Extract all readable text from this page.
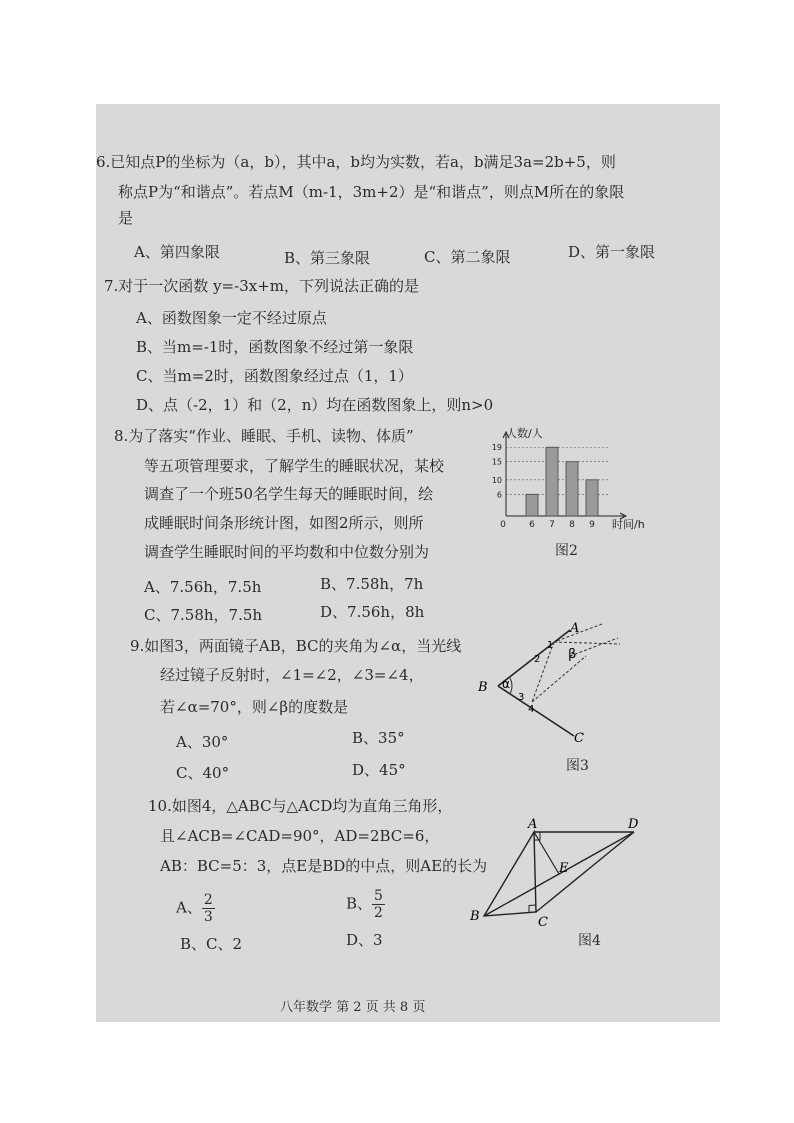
6.已知点P的坐标为（a，b），其中a，b均为实数，若a，b满足3a=2b+5，则
称点P为“和谐点”。若点M（m-1，3m+2）是“和谐点”，则点M所在的象限
是
A、第四象限	B、第三象限	C、第二象限	D、第一象限
7.对于一次函数 y=-3x+m，下列说法正确的是
A、函数图象一定不经过原点
B、当m=-1时，函数图象不经过第一象限
C、当m=2时，函数图象经过点（1，1）
D、点（-2，1）和（2，n）均在函数图象上，则n>0
8.为了落实“作业、睡眠、手机、读物、体质”
等五项管理要求，了解学生的睡眠状况，某校
调查了一个班50名学生每天的睡眠时间，绘
成睡眠时间条形统计图，如图2所示，则所
调查学生睡眠时间的平均数和中位数分别为
A、7.56h，7.5h	B、7.58h，7h
C、7.58h，7.5h	D、7.56h，8h
人数/人
时间/h
6
10
15
19
0	6 7 8 9
图2
9.如图3，两面镜子AB，BC的夹角为∠α，当光线
经过镜子反射时，∠1=∠2，∠3=∠4，
若∠α=70°，则∠β的度数是
A、30°	B、35°
C、40°	D、45°
A
B
C
α
β
1
2
3
4
图3
10.如图4，△ABC与△ACD均为直角三角形，
且∠ACB=∠CAD=90°，AD=2BC=6，
AB：BC=5：3，点E是BD的中点，则AE的长为
A、 $\frac{2}{3}$	B、 $\frac{5}{2}$
B、C、2	D、3
A
B	C
D
E
图4
八年数学 第 2 页 共 8 页
